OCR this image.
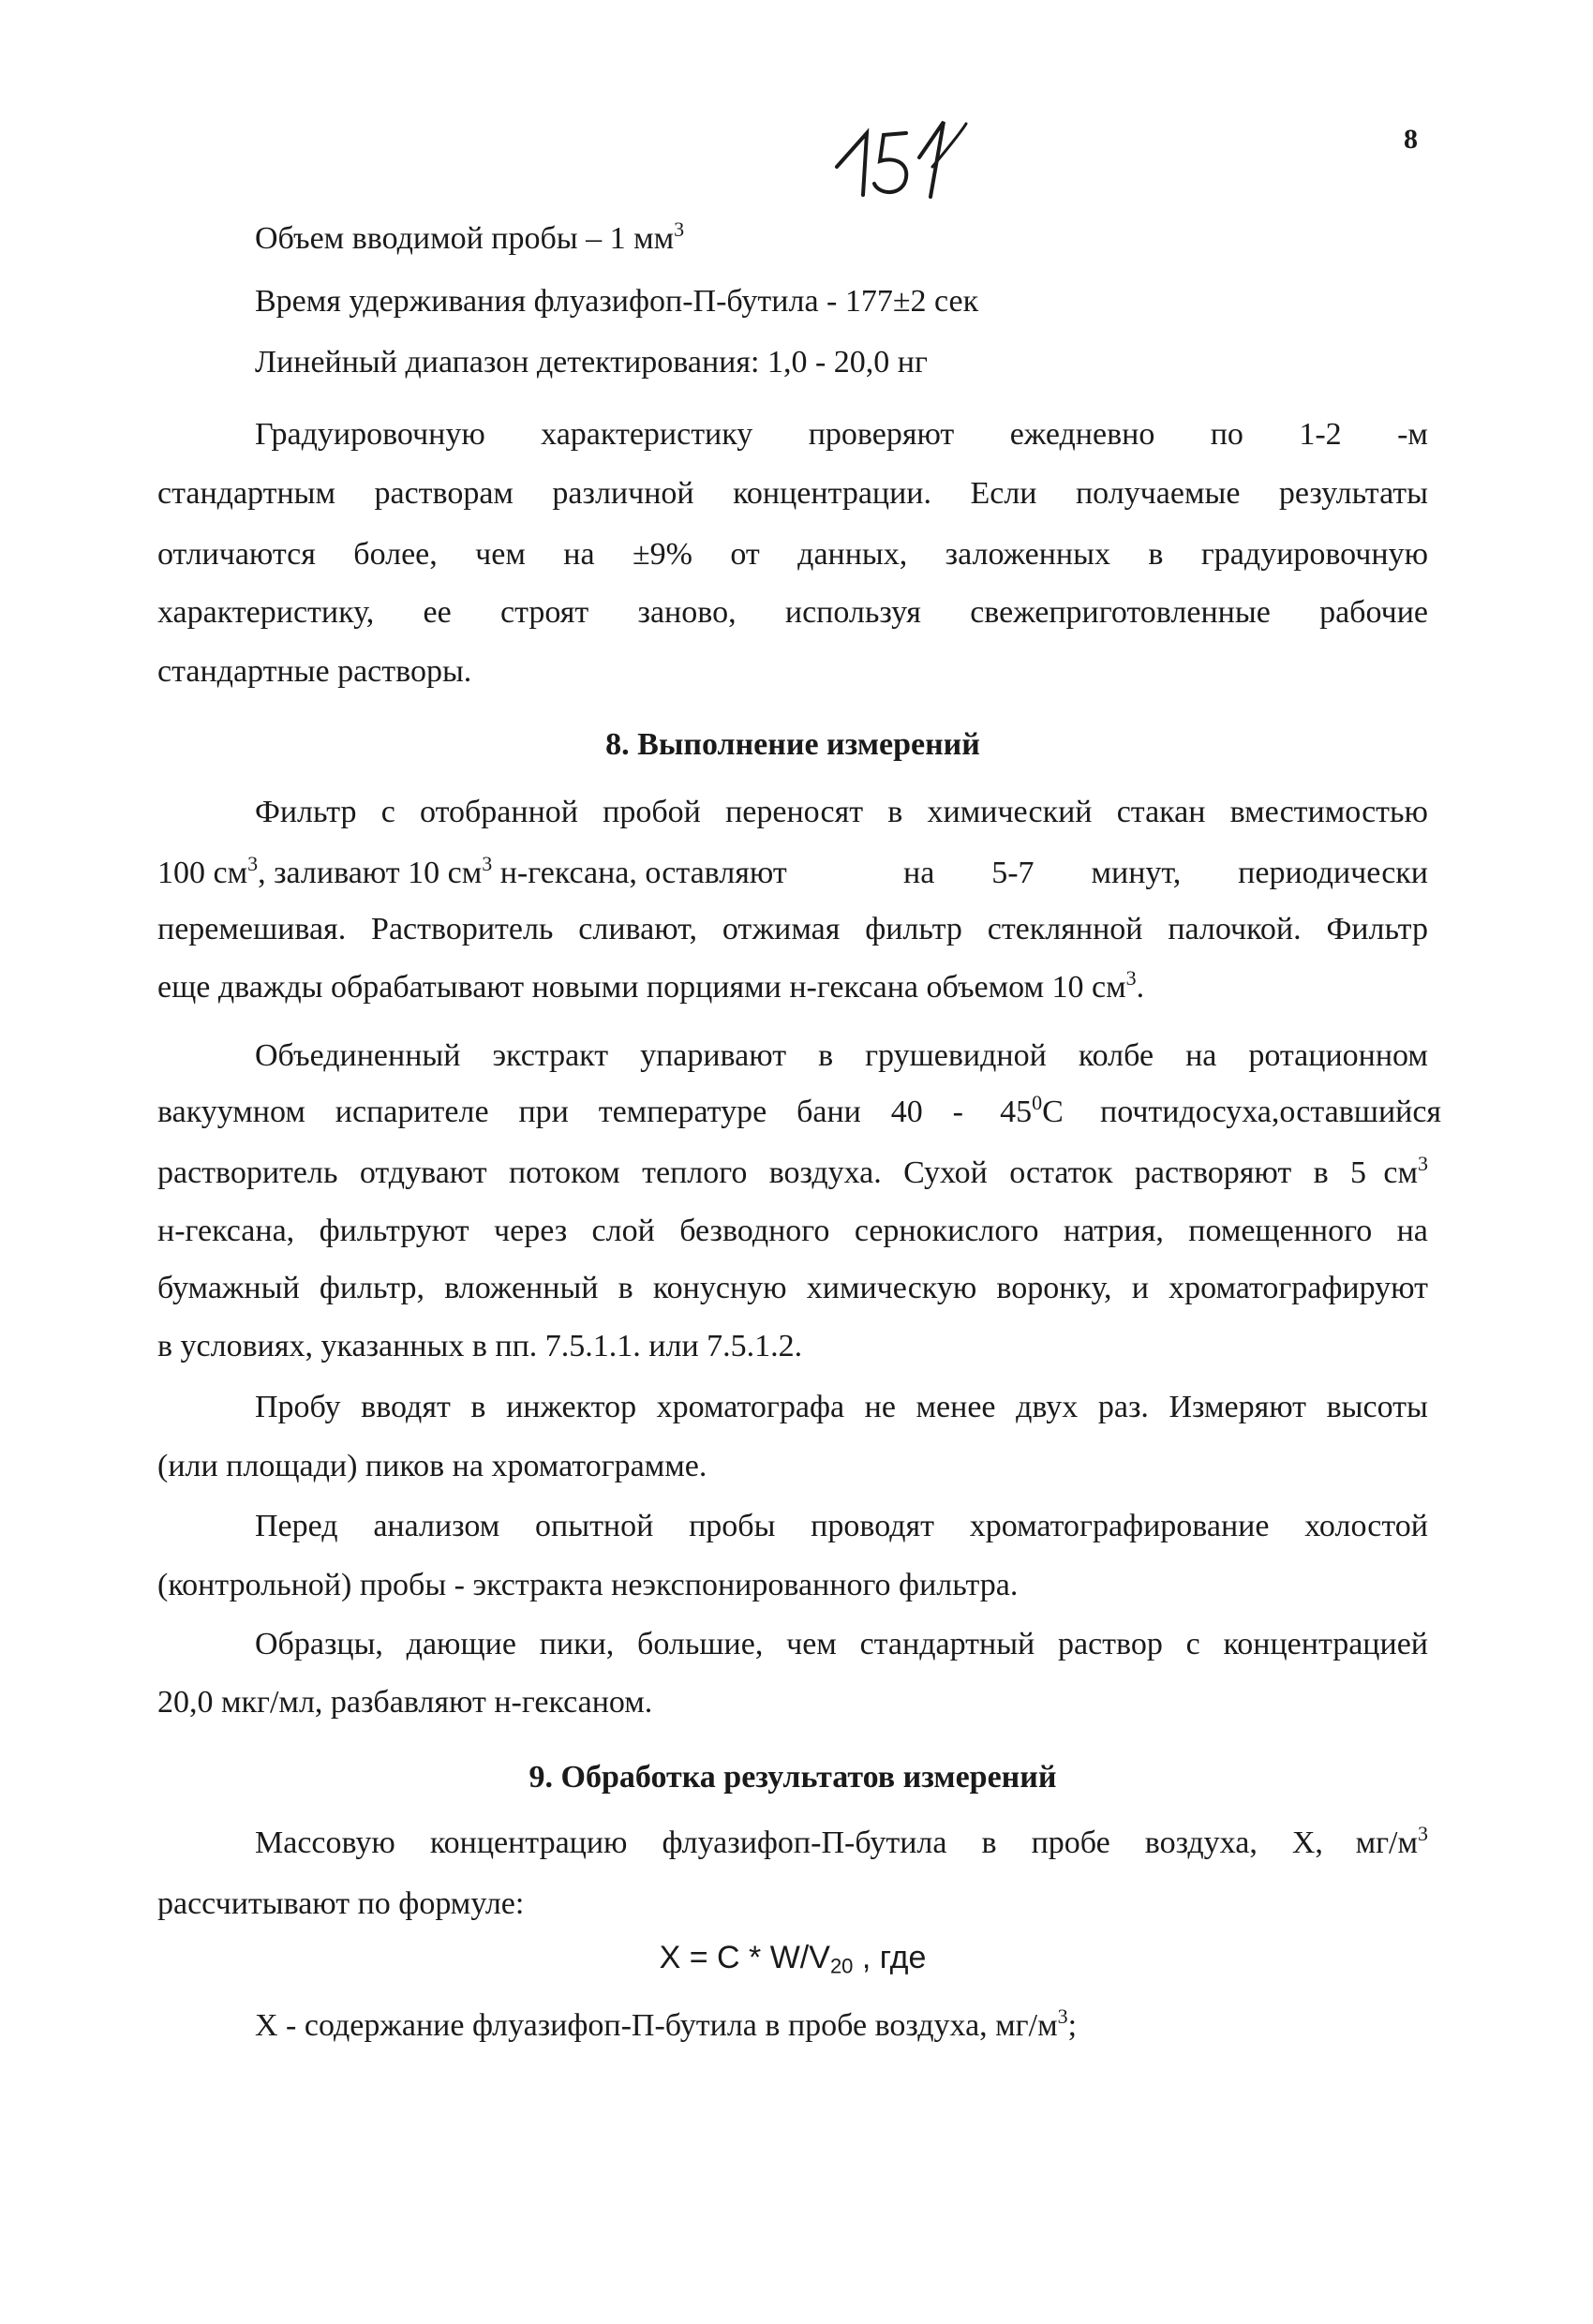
8
Объем вводимой пробы – 1 $мм^3$
Время удерживания флуазифоп-П-бутила - 177±2 сек
Линейный диапазон детектирования: 1,0 - 20,0 нг
Градуировочную характеристику проверяют ежедневно по 1-2 -м
стандартным растворам различной концентрации. Если получаемые результаты
отличаются более, чем на ±9% от данных, заложенных в градуировочную
характеристику, ее строят заново, используя свежеприготовленные рабочие
стандартные растворы.
8. Выполнение измерений
Фильтр с отобранной пробой переносят в химический стакан вместимостью
100 $см^3$, заливают 10 $см^3$ н-гексана, оставляют	на 5-7 минут, периодически
перемешивая. Растворитель сливают, отжимая фильтр стеклянной палочкой. Фильтр
еще дважды обрабатывают новыми порциями н-гексана объемом 10 $см^3$.
Объединенный экстракт упаривают в грушевидной колбе на ротационном
вакуумном испарителе при температуре бани $40 - 45^0С$ почти досуха, оставшийся
растворитель отдувают потоком теплого воздуха. Сухой остаток растворяют в 5 $см^3$
н-гексана, фильтруют через слой безводного сернокислого натрия, помещенного на
бумажный фильтр, вложенный в конусную химическую воронку, и хроматографируют
в условиях, указанных в пп. 7.5.1.1. или 7.5.1.2.
Пробу вводят в инжектор хроматографа не менее двух раз. Измеряют высоты
(или площади) пиков на хроматограмме.
Перед анализом опытной пробы проводят хроматографирование холостой
(контрольной) пробы - экстракта неэкспонированного фильтра.
Образцы, дающие пики, большие, чем стандартный раствор с концентрацией
20,0 мкг/мл, разбавляют н-гексаном.
9. Обработка результатов измерений
Массовую концентрацию флуазифоп-П-бутила в пробе воздуха, Х, $мг/м^3$
рассчитывают по формуле:
$Х = С * W/V_{20}$ , где
Х - содержание флуазифоп-П-бутила в пробе воздуха, $мг/м^3$;
